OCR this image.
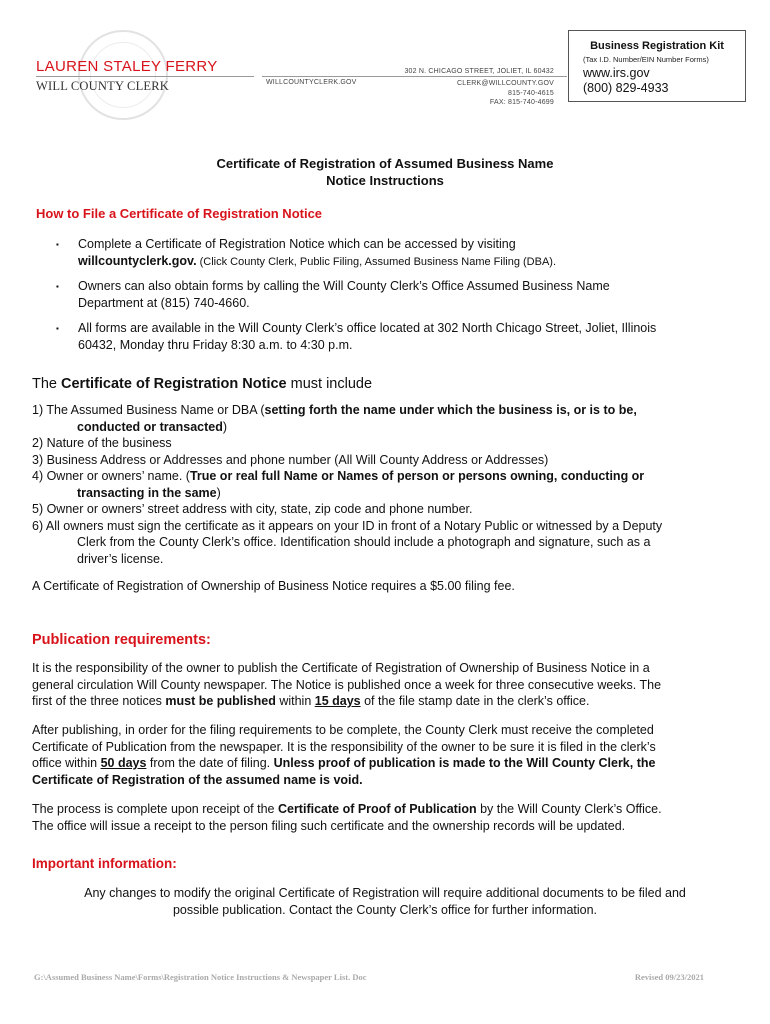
LAUREN STALEY FERRY
WILL COUNTY CLERK	WILLCOUNTYCLERK.GOV
302 N. CHICAGO STREET, JOLIET, IL 60432
CLERK@WILLCOUNTY.GOV
815-740-4615
FAX: 815-740-4699
Business Registration Kit
(Tax I.D. Number/EIN Number Forms)
www.irs.gov
(800) 829-4933
Certificate of Registration of Assumed Business Name
Notice Instructions
How to File a Certificate of Registration Notice
▪ Complete a Certificate of Registration Notice which can be accessed by visiting
willcountyclerk.gov. (Click County Clerk, Public Filing, Assumed Business Name Filing (DBA).
▪ Owners can also obtain forms by calling the Will County Clerk’s Office Assumed Business Name
Department at (815) 740-4660.
▪ All forms are available in the Will County Clerk’s office located at 302 North Chicago Street, Joliet, Illinois
60432, Monday thru Friday 8:30 a.m. to 4:30 p.m.
The Certificate of Registration Notice must include
1) The Assumed Business Name or DBA (setting forth the name under which the business is, or is to be,
conducted or transacted)
2) Nature of the business
3) Business Address or Addresses and phone number (All Will County Address or Addresses)
4) Owner or owners’ name. (True or real full Name or Names of person or persons owning, conducting or
transacting in the same)
5) Owner or owners’ street address with city, state, zip code and phone number.
6) All owners must sign the certificate as it appears on your ID in front of a Notary Public or witnessed by a Deputy
Clerk from the County Clerk’s office. Identification should include a photograph and signature, such as a
driver’s license.
A Certificate of Registration of Ownership of Business Notice requires a $5.00 filing fee.
Publication requirements:
It is the responsibility of the owner to publish the Certificate of Registration of Ownership of Business Notice in a
general circulation Will County newspaper. The Notice is published once a week for three consecutive weeks. The
first of the three notices must be published within 15 days of the file stamp date in the clerk’s office.
After publishing, in order for the filing requirements to be complete, the County Clerk must receive the completed
Certificate of Publication from the newspaper. It is the responsibility of the owner to be sure it is filed in the clerk’s
office within 50 days from the date of filing. Unless proof of publication is made to the Will County Clerk, the
Certificate of Registration of the assumed name is void.
The process is complete upon receipt of the Certificate of Proof of Publication by the Will County Clerk’s Office.
The office will issue a receipt to the person filing such certificate and the ownership records will be updated.
Important information:
Any changes to modify the original Certificate of Registration will require additional documents to be filed and
possible publication. Contact the County Clerk’s office for further information.
G:\Assumed Business Name\Forms\Registration Notice Instructions & Newspaper List. Doc	Revised 09/23/2021
